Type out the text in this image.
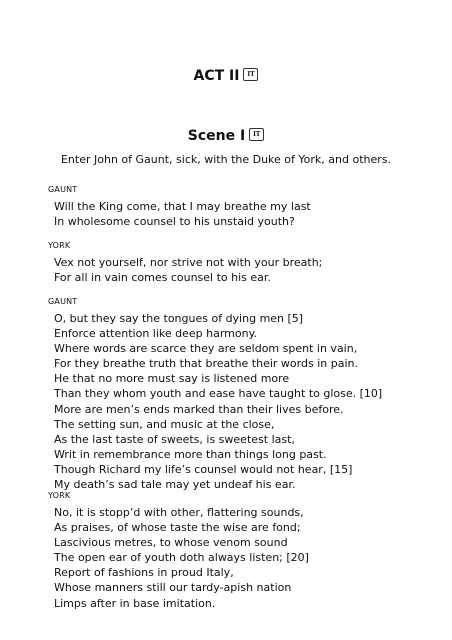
ACT II IT
Scene I IT
Enter John of Gaunt, sick, with the Duke of York, and others.
GAUNT
Will the King come, that I may breathe my last
In wholesome counsel to his unstaid youth?
YORK
Vex not yourself, nor strive not with your breath;
For all in vain comes counsel to his ear.
GAUNT
O, but they say the tongues of dying men [5]
Enforce attention like deep harmony.
Where words are scarce they are seldom spent in vain,
For they breathe truth that breathe their words in pain.
He that no more must say is listened more
Than they whom youth and ease have taught to glose. [10]
More are men’s ends marked than their lives before.
The setting sun, and music at the close,
As the last taste of sweets, is sweetest last,
Writ in remembrance more than things long past.
Though Richard my life’s counsel would not hear, [15]
My death’s sad tale may yet undeaf his ear.
YORK
No, it is stopp’d with other, flattering sounds,
As praises, of whose taste the wise are fond;
Lascivious metres, to whose venom sound
The open ear of youth doth always listen; [20]
Report of fashions in proud Italy,
Whose manners still our tardy-apish nation
Limps after in base imitation.
